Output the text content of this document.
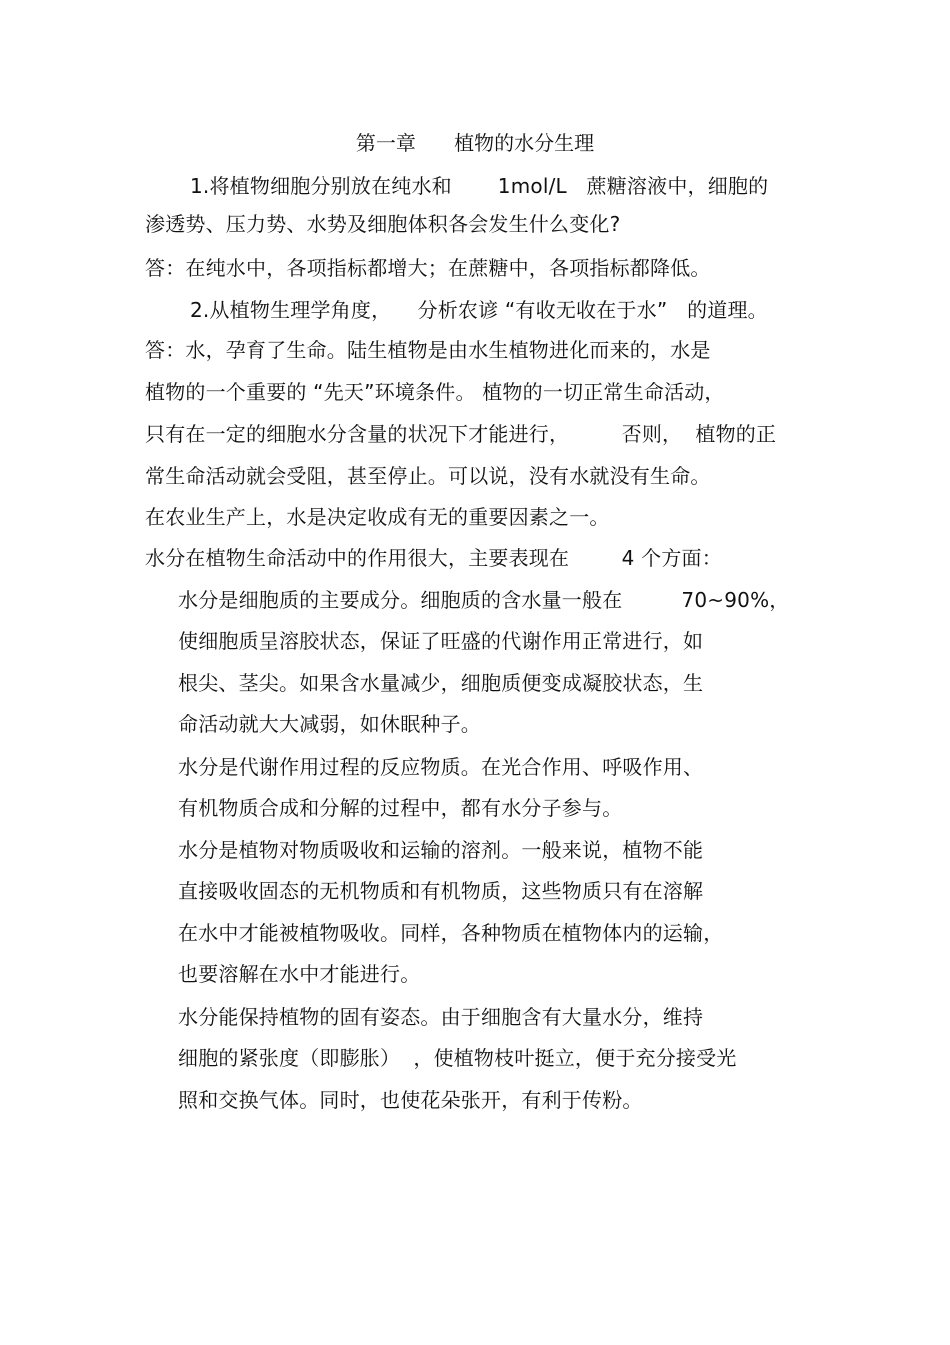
第一章      植物的水分生理
1.将植物细胞分别放在纯水和       1mol/L   蔗糖溶液中，细胞的
渗透势、压力势、水势及细胞体积各会发生什么变化?
答：在纯水中，各项指标都增大；在蔗糖中，各项指标都降低。
2.从植物生理学角度，    分析农谚 “有收无收在于水”   的道理。
答：水，孕育了生命。陆生植物是由水生植物进化而来的，水是
植物的一个重要的 “先天”环境条件。 植物的一切正常生命活动，
只有在一定的细胞水分含量的状况下才能进行，        否则，  植物的正
常生命活动就会受阻，甚至停止。可以说，没有水就没有生命。
在农业生产上，水是决定收成有无的重要因素之一。
水分在植物生命活动中的作用很大，主要表现在        4 个方面：
水分是细胞质的主要成分。细胞质的含水量一般在         70~90%，
使细胞质呈溶胶状态，保证了旺盛的代谢作用正常进行，如
根尖、茎尖。如果含水量减少，细胞质便变成凝胶状态，生
命活动就大大减弱，如休眠种子。
水分是代谢作用过程的反应物质。在光合作用、呼吸作用、
有机物质合成和分解的过程中，都有水分子参与。
水分是植物对物质吸收和运输的溶剂。一般来说，植物不能
直接吸收固态的无机物质和有机物质，这些物质只有在溶解
在水中才能被植物吸收。同样，各种物质在植物体内的运输，
也要溶解在水中才能进行。
水分能保持植物的固有姿态。由于细胞含有大量水分，维持
细胞的紧张度（即膨胀）  ，使植物枝叶挺立，便于充分接受光
照和交换气体。同时，也使花朵张开，有利于传粉。
